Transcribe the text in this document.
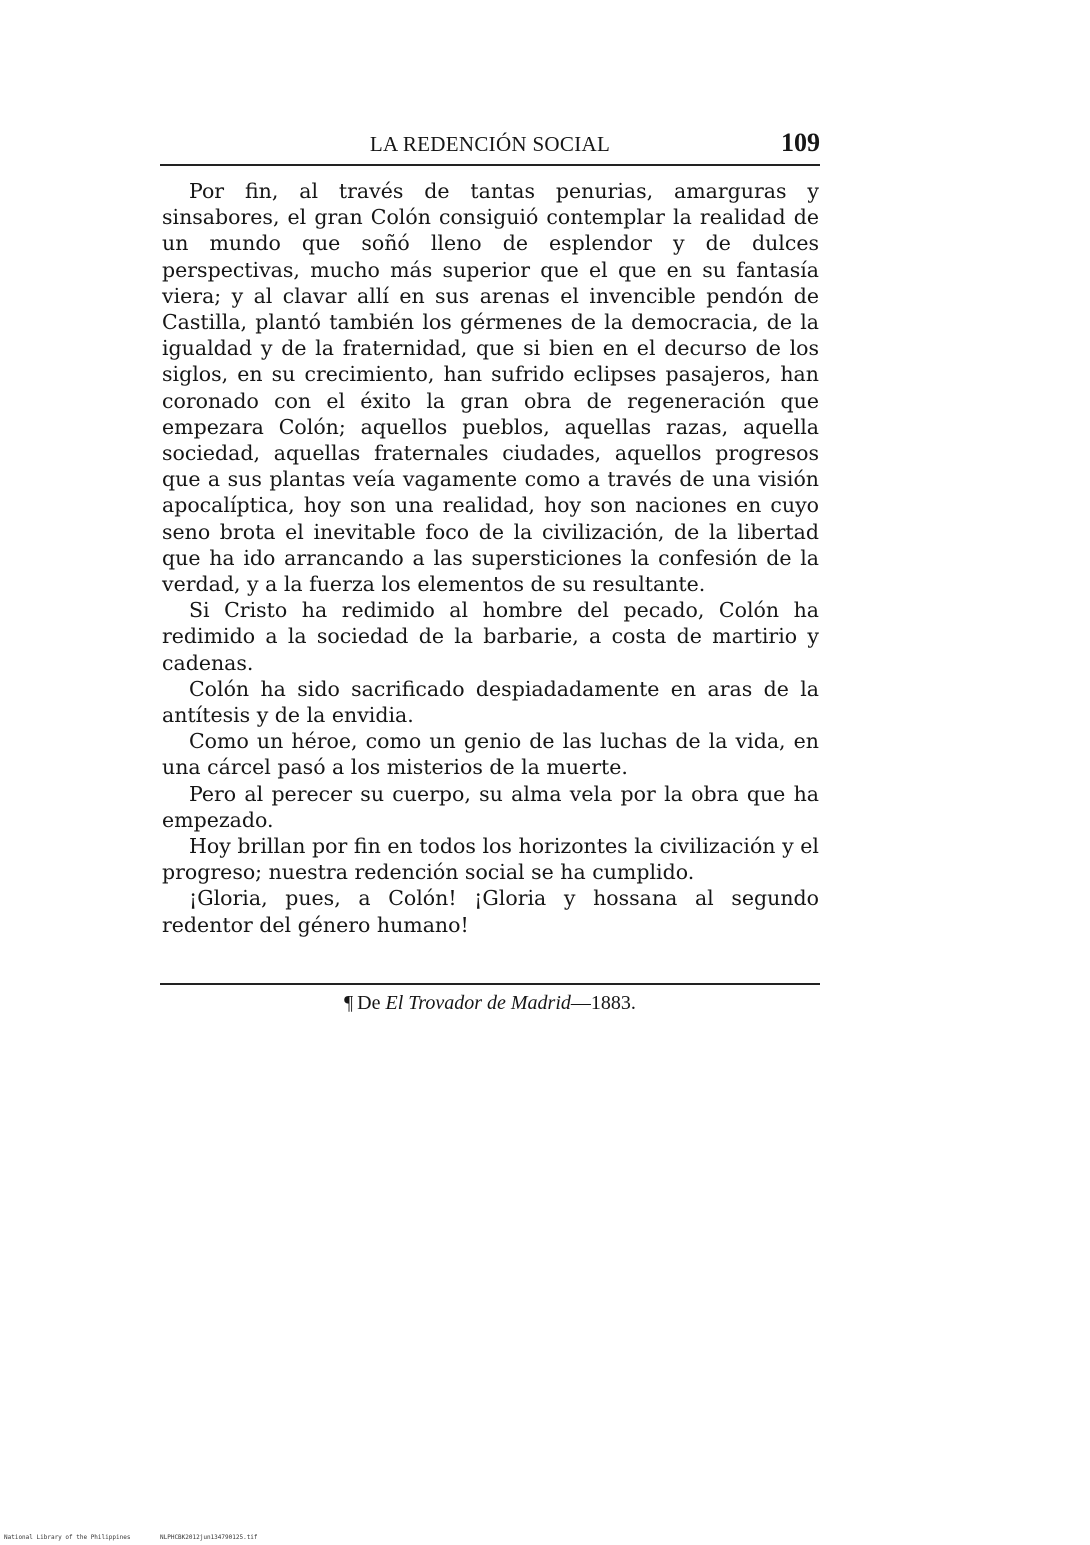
LA REDENCIÓN SOCIAL	109

Por fin, al través de tantas penurias, amarguras y sinsabores, el gran Colón consiguió contemplar la realidad de un mundo que soñó lleno de esplendor y de dulces perspectivas, mucho más superior que el que en su fantasía viera; y al clavar allí en sus arenas el invencible pendón de Castilla, plantó también los gérmenes de la democracia, de la igualdad y de la fraternidad, que si bien en el decurso de los siglos, en su crecimiento, han sufrido eclipses pasajeros, han coronado con el éxito la gran obra de regeneración que empezara Colón; aquellos pueblos, aquellas razas, aquella sociedad, aquellas fraternales ciudades, aquellos progresos que a sus plantas veía vagamente como a través de una visión apocalíptica, hoy son una realidad, hoy son naciones en cuyo seno brota el inevitable foco de la civilización, de la libertad que ha ido arrancando a las supersticiones la confesión de la verdad, y a la fuerza los elementos de su resultante.

Si Cristo ha redimido al hombre del pecado, Colón ha redimido a la sociedad de la barbarie, a costa de martirio y cadenas.

Colón ha sido sacrificado despiadadamente en aras de la antítesis y de la envidia.

Como un héroe, como un genio de las luchas de la vida, en una cárcel pasó a los misterios de la muerte.

Pero al perecer su cuerpo, su alma vela por la obra que ha empezado.

Hoy brillan por fin en todos los horizontes la civilización y el progreso; nuestra redención social se ha cumplido.

¡Gloria, pues, a Colón! ¡Gloria y hossana al segundo redentor del género humano!

¶ De El Trovador de Madrid—1883.
National Library of the Philippines	NLPHCBK2012jun134790125.tif
